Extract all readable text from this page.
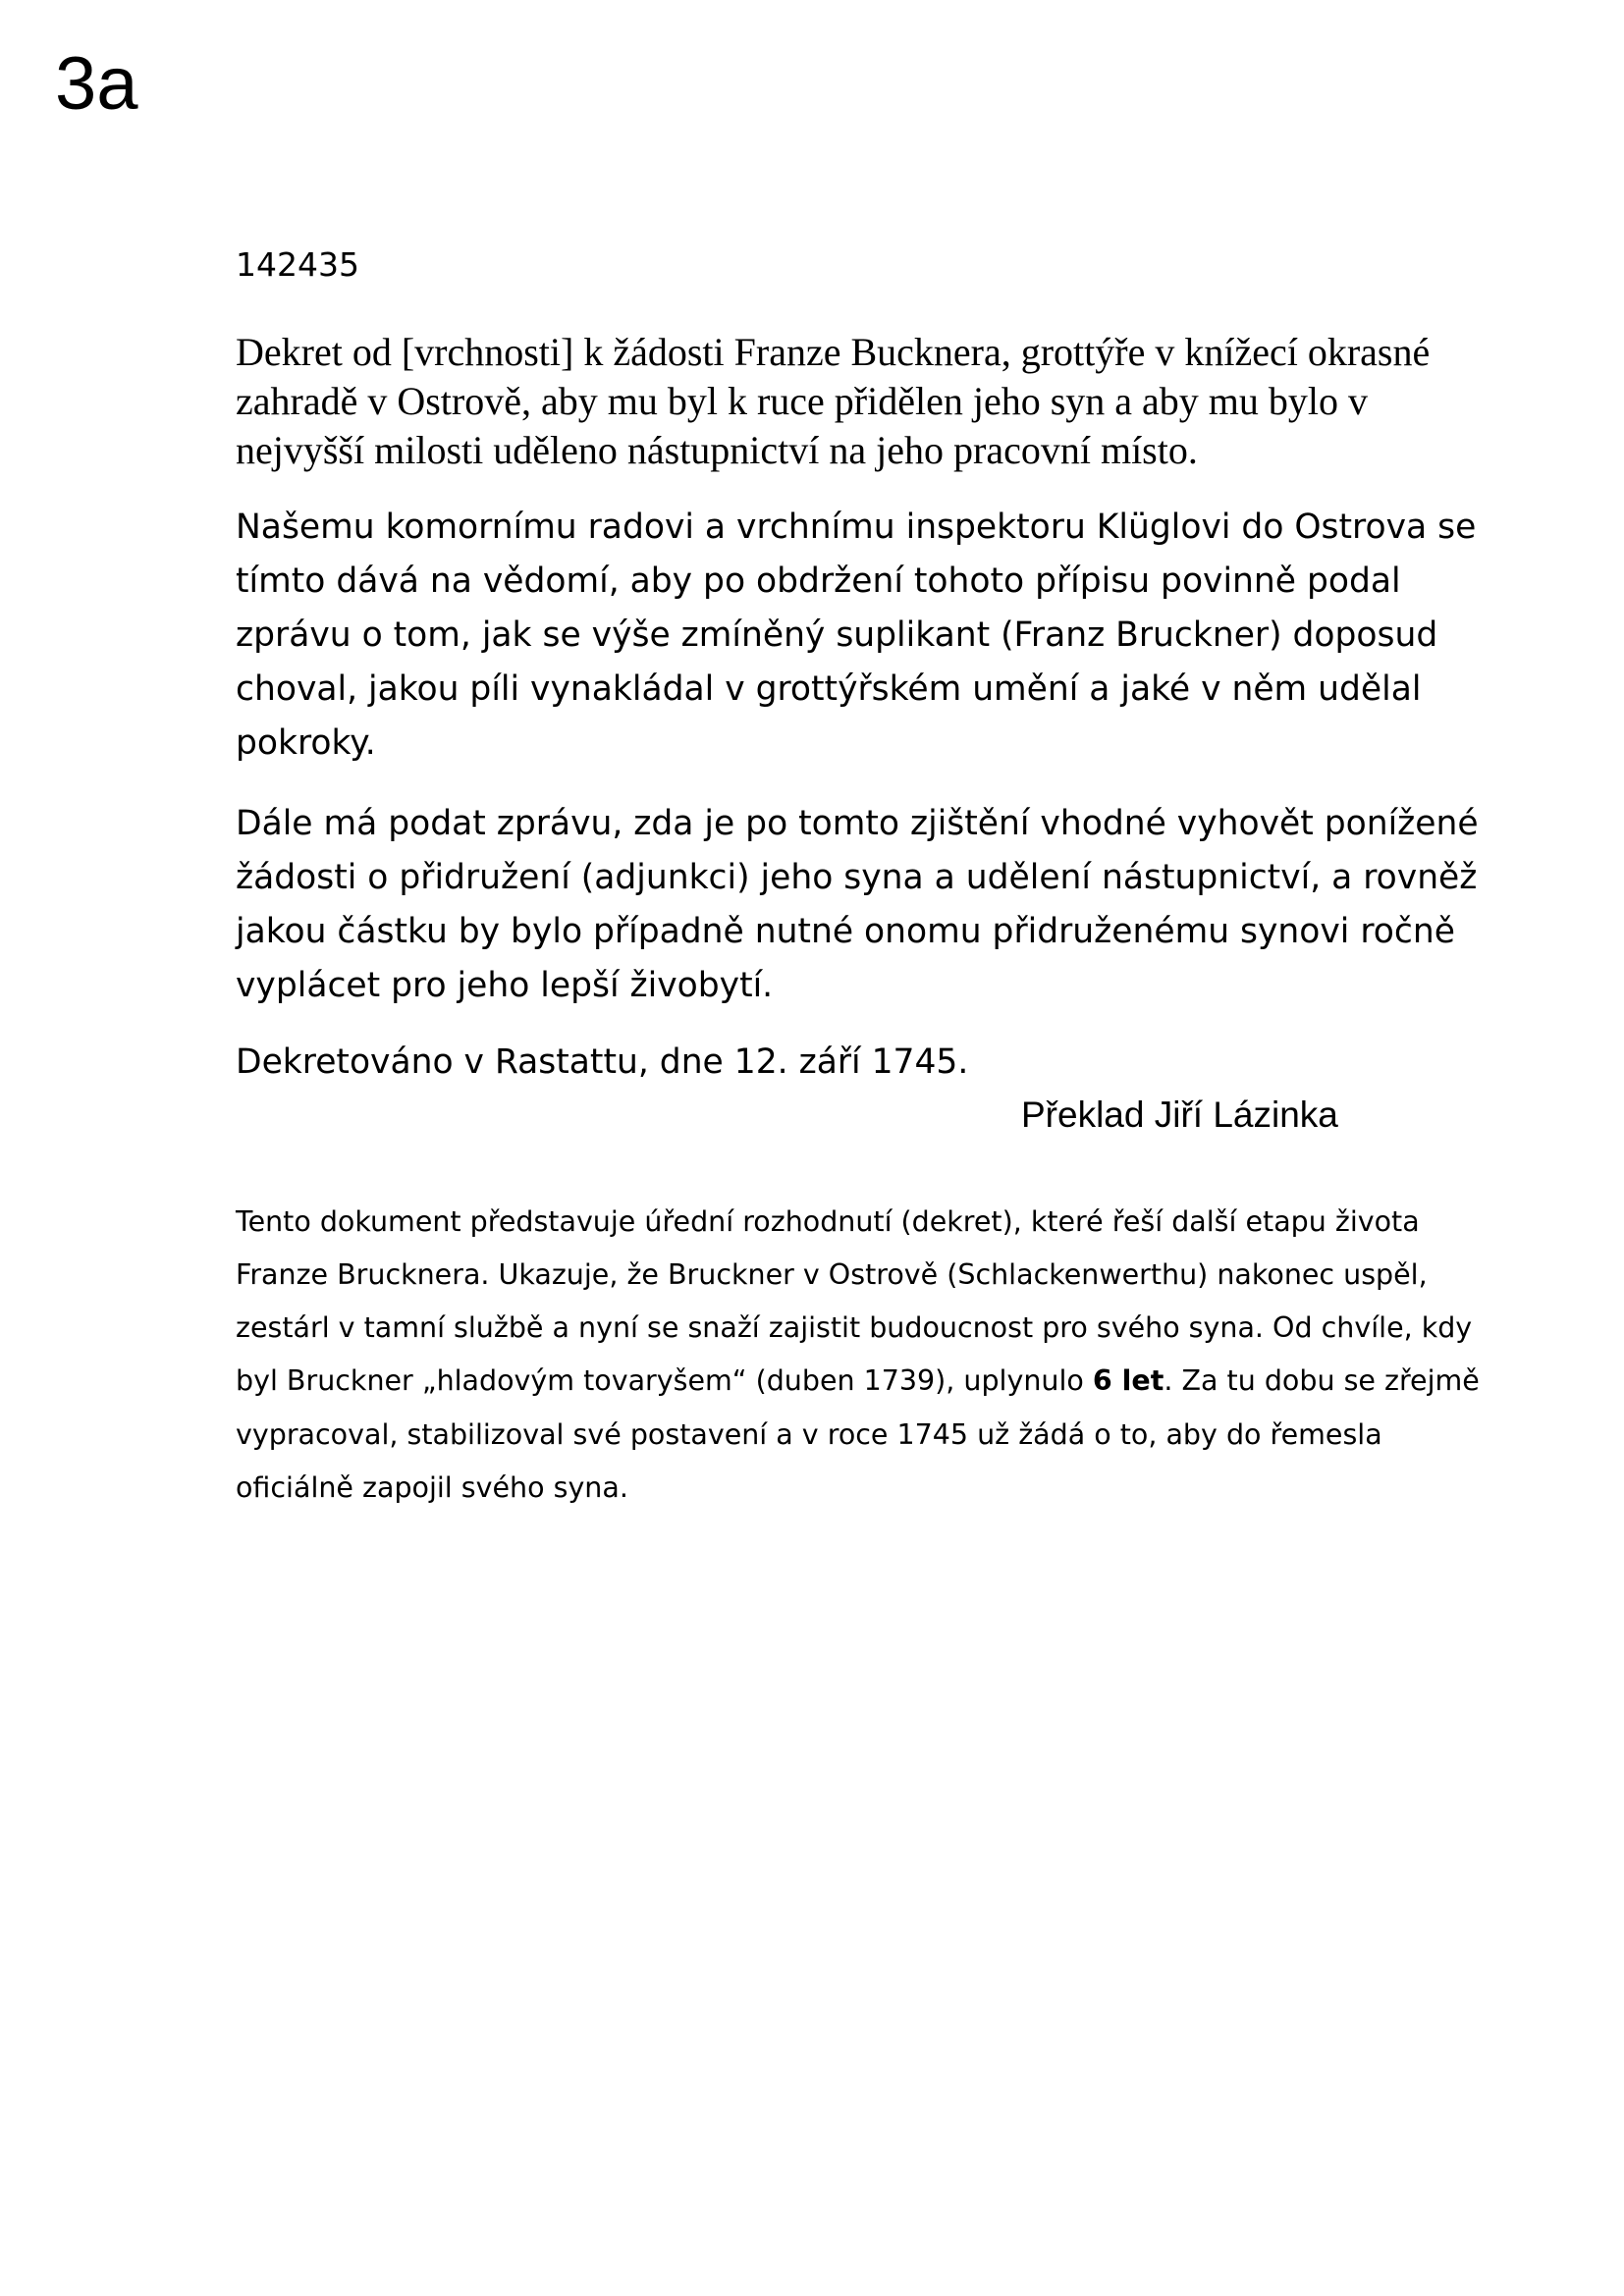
3a

142435

Dekret od [vrchnosti] k žádosti Franze Bucknera, grottýře v knížecí okrasné zahradě v Ostrově, aby mu byl k ruce přidělen jeho syn a aby mu bylo v nejvyšší milosti uděleno nástupnictví na jeho pracovní místo.

Našemu komornímu radovi a vrchnímu inspektoru Klüglovi do Ostrova se tímto dává na vědomí, aby po obdržení tohoto přípisu povinně podal zprávu o tom, jak se výše zmíněný suplikant (Franz Bruckner) doposud choval, jakou píli vynakládal v grottýřském umění a jaké v něm udělal pokroky.

Dále má podat zprávu, zda je po tomto zjištění vhodné vyhovět ponížené žádosti o přidružení (adjunkci) jeho syna a udělení nástupnictví, a rovněž jakou částku by bylo případně nutné onomu přidruženému synovi ročně vyplácet pro jeho lepší živobytí.

Dekretováno v Rastattu, dne 12. září 1745.

Překlad Jiří Lázinka

Tento dokument představuje úřední rozhodnutí (dekret), které řeší další etapu života Franze Brucknera. Ukazuje, že Bruckner v Ostrově (Schlackenwerthu) nakonec uspěl, zestárl v tamní službě a nyní se snaží zajistit budoucnost pro svého syna. Od chvíle, kdy byl Bruckner „hladovým tovaryšem“ (duben 1739), uplynulo 6 let. Za tu dobu se zřejmě vypracoval, stabilizoval své postavení a v roce 1745 už žádá o to, aby do řemesla oficiálně zapojil svého syna.
